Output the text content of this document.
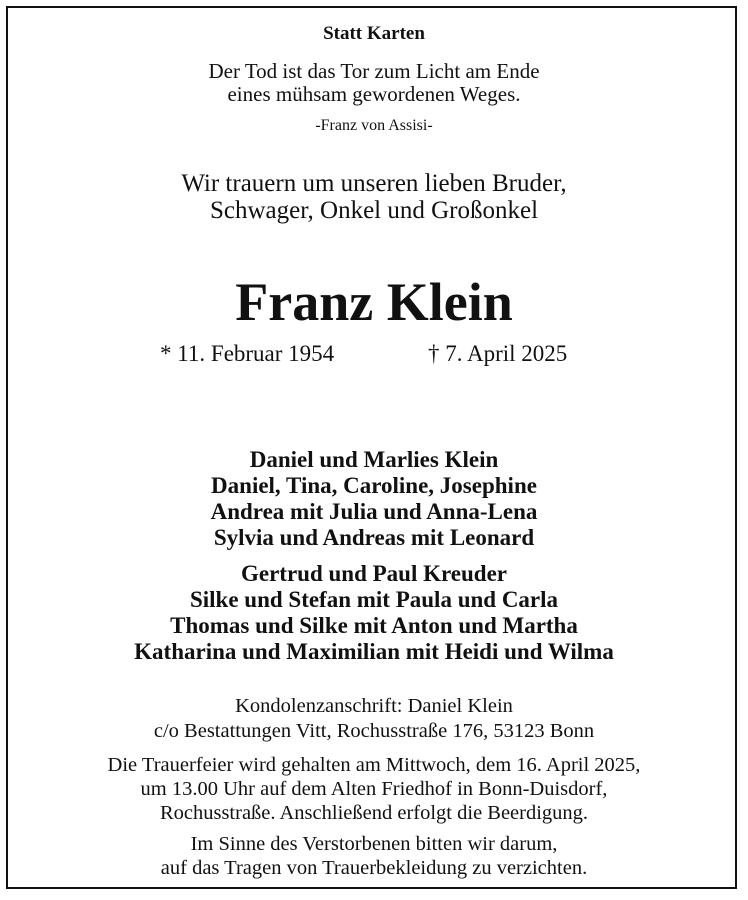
Statt Karten
Der Tod ist das Tor zum Licht am Ende
eines mühsam gewordenen Weges.
-Franz von Assisi-
Wir trauern um unseren lieben Bruder,
Schwager, Onkel und Großonkel
Franz Klein
* 11. Februar 1954	† 7. April 2025
Daniel und Marlies Klein
Daniel, Tina, Caroline, Josephine
Andrea mit Julia und Anna-Lena
Sylvia und Andreas mit Leonard
Gertrud und Paul Kreuder
Silke und Stefan mit Paula und Carla
Thomas und Silke mit Anton und Martha
Katharina und Maximilian mit Heidi und Wilma
Kondolenzanschrift: Daniel Klein
c/o Bestattungen Vitt, Rochusstraße 176, 53123 Bonn
Die Trauerfeier wird gehalten am Mittwoch, dem 16. April 2025,
um 13.00 Uhr auf dem Alten Friedhof in Bonn-Duisdorf,
Rochusstraße. Anschließend erfolgt die Beerdigung.
Im Sinne des Verstorbenen bitten wir darum,
auf das Tragen von Trauerbekleidung zu verzichten.
